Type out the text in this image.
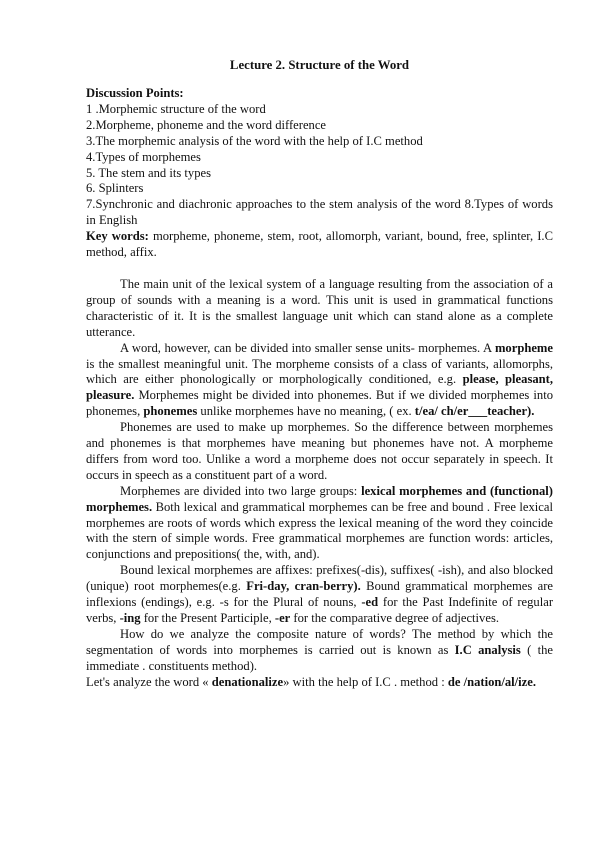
Lecture 2. Structure of the Word

Discussion Points:

1 .Morphemic structure of the word

2.Morpheme, phoneme and the word difference

3.The morphemic analysis of the word with the help of I.C method

4.Types of morphemes

5. The stem and its types

6. Splinters

7.Synchronic and diachronic approaches to the stem analysis of the word 8.Types of words in English

Key words: morpheme, phoneme, stem, root, allomorph, variant, bound, free, splinter, I.C method, affix.

The main unit of the lexical system of a language resulting from the association of a group of sounds with a meaning is a word. This unit is used in grammatical functions characteristic of it. It is the smallest language unit which can stand alone as a complete utterance.

A word, however, can be divided into smaller sense units- morphemes. A morpheme is the smallest meaningful unit. The morpheme consists of a class of variants, allomorphs, which are either phonologically or morphologically conditioned, e.g. please, pleasant, pleasure. Morphemes might be divided into phonemes. But if we divided morphemes into phonemes, phonemes unlike morphemes have no meaning, ( ex. t/ea/ ch/er___teacher).

Phonemes are used to make up morphemes. So the difference between morphemes and phonemes is that morphemes have meaning but phonemes have not. A morpheme differs from word too. Unlike a word a morpheme does not occur separately in speech. It occurs in speech as a constituent part of a word.

Morphemes are divided into two large groups: lexical morphemes and (functional) morphemes. Both lexical and grammatical morphemes can be free and bound . Free lexical morphemes are roots of words which express the lexical meaning of the word they coincide with the stern of simple words. Free grammatical morphemes are function words: articles, conjunctions and prepositions( the, with, and).

Bound lexical morphemes are affixes: prefixes(-dis), suffixes( -ish), and also blocked (unique) root morphemes(e.g. Fri-day, cran-berry). Bound grammatical morphemes are inflexions (endings), e.g. -s for the Plural of nouns, -ed for the Past Indefinite of regular verbs, -ing for the Present Participle, -er for the comparative degree of adjectives.

How do we analyze the composite nature of words? The method by which the segmentation of words into morphemes is carried out is known as I.C analysis ( the immediate . constituents method).

Let's analyze the word « denationalize» with the help of I.C . method : de /nation/al/ize.
